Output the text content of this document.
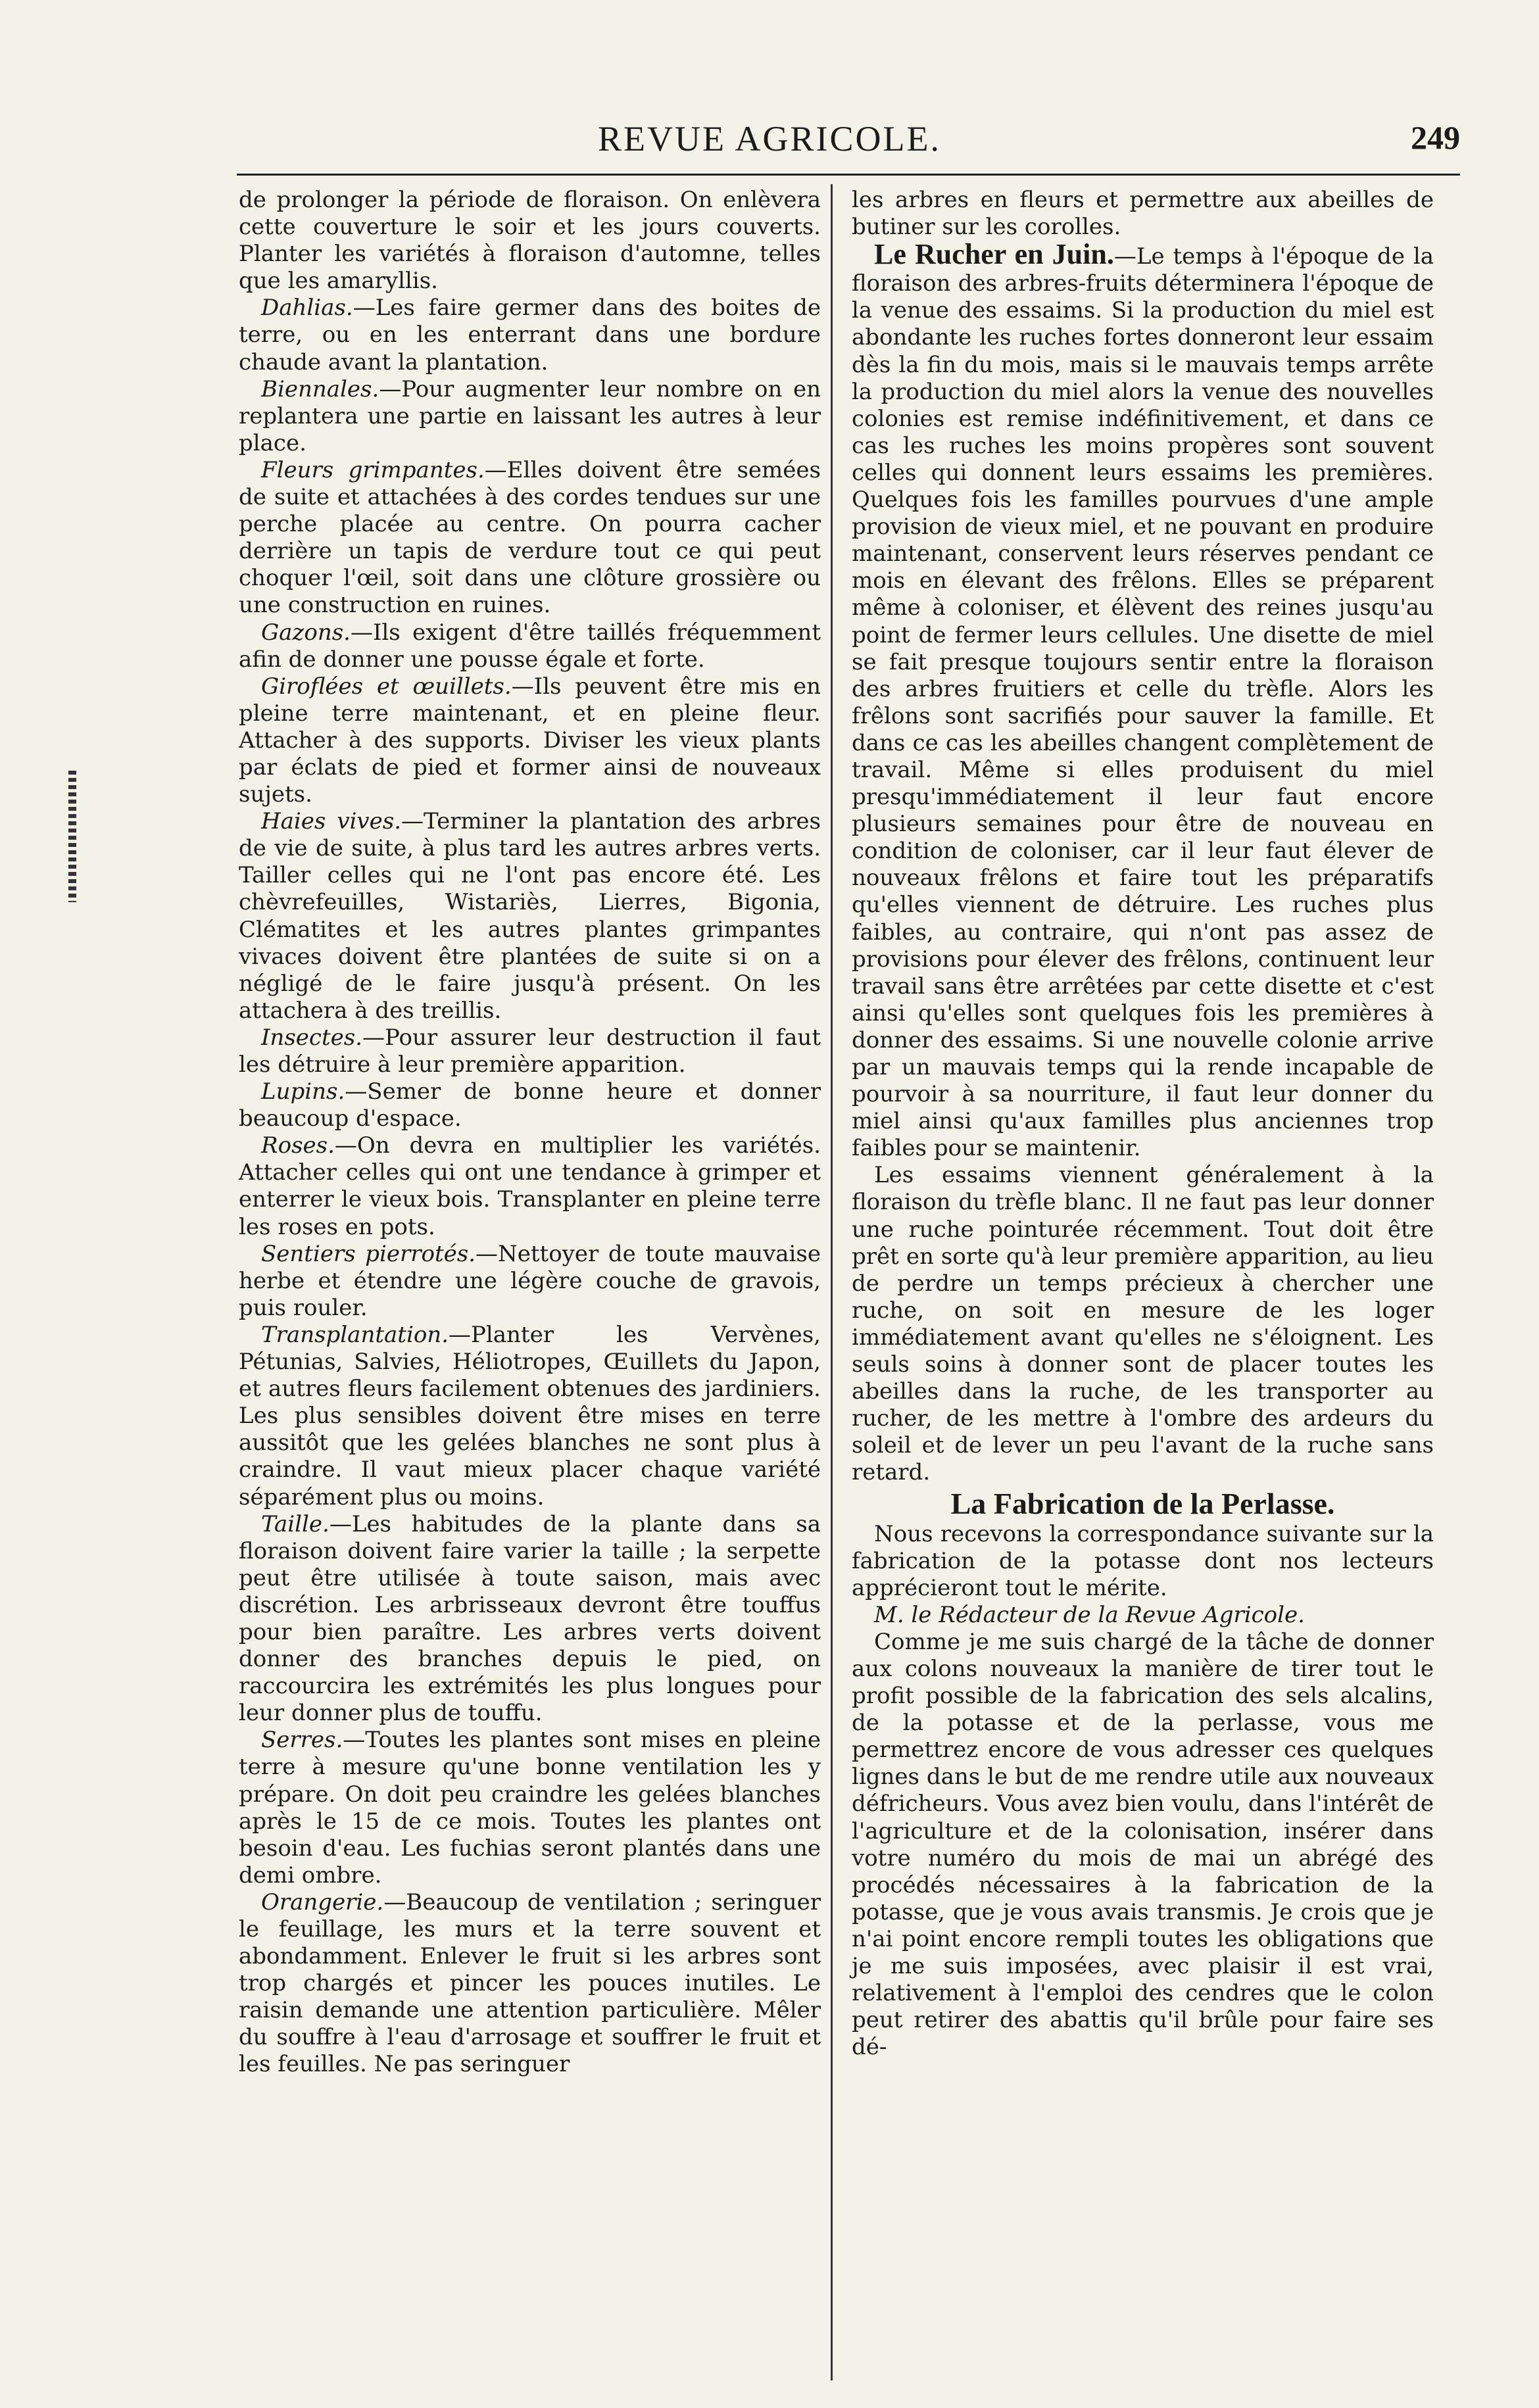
REVUE AGRICOLE.	249

de prolonger la période de floraison. On enlèvera cette couverture le soir et les jours couverts. Planter les variétés à floraison d'automne, telles que les amaryllis.

Dahlias.—Les faire germer dans des boites de terre, ou en les enterrant dans une bordure chaude avant la plantation.

Biennales.—Pour augmenter leur nombre on en replantera une partie en laissant les autres à leur place.

Fleurs grimpantes.—Elles doivent être semées de suite et attachées à des cordes tendues sur une perche placée au centre. On pourra cacher derrière un tapis de verdure tout ce qui peut choquer l'œil, soit dans une clôture grossière ou une construction en ruines.

Gazons.—Ils exigent d'être taillés fréquemment afin de donner une pousse égale et forte.

Giroflées et œuillets.—Ils peuvent être mis en pleine terre maintenant, et en pleine fleur. Attacher à des supports. Diviser les vieux plants par éclats de pied et former ainsi de nouveaux sujets.

Haies vives.—Terminer la plantation des arbres de vie de suite, à plus tard les autres arbres verts. Tailler celles qui ne l'ont pas encore été. Les chèvrefeuilles, Wistariès, Lierres, Bigonia, Clématites et les autres plantes grimpantes vivaces doivent être plantées de suite si on a négligé de le faire jusqu'à présent. On les attachera à des treillis.

Insectes.—Pour assurer leur destruction il faut les détruire à leur première apparition.

Lupins.—Semer de bonne heure et donner beaucoup d'espace.

Roses.—On devra en multiplier les variétés. Attacher celles qui ont une tendance à grimper et enterrer le vieux bois. Transplanter en pleine terre les roses en pots.

Sentiers pierrotés.—Nettoyer de toute mauvaise herbe et étendre une légère couche de gravois, puis rouler.

Transplantation.—Planter les Vervènes, Pétunias, Salvies, Héliotropes, Œuillets du Japon, et autres fleurs facilement obtenues des jardiniers. Les plus sensibles doivent être mises en terre aussitôt que les gelées blanches ne sont plus à craindre. Il vaut mieux placer chaque variété séparément plus ou moins.

Taille.—Les habitudes de la plante dans sa floraison doivent faire varier la taille ; la serpette peut être utilisée à toute saison, mais avec discrétion. Les arbrisseaux devront être touffus pour bien paraître. Les arbres verts doivent donner des branches depuis le pied, on raccourcira les extrémités les plus longues pour leur donner plus de touffu.

Serres.—Toutes les plantes sont mises en pleine terre à mesure qu'une bonne ventilation les y prépare. On doit peu craindre les gelées blanches après le 15 de ce mois. Toutes les plantes ont besoin d'eau. Les fuchias seront plantés dans une demi ombre.

Orangerie.—Beaucoup de ventilation ; seringuer le feuillage, les murs et la terre souvent et abondamment. Enlever le fruit si les arbres sont trop chargés et pincer les pouces inutiles. Le raisin demande une attention particulière. Mêler du souffre à l'eau d'arrosage et souffrer le fruit et les feuilles. Ne pas seringuer

les arbres en fleurs et permettre aux abeilles de butiner sur les corolles.

Le Rucher en Juin.—Le temps à l'époque de la floraison des arbres-fruits déterminera l'époque de la venue des essaims. Si la production du miel est abondante les ruches fortes donneront leur essaim dès la fin du mois, mais si le mauvais temps arrête la production du miel alors la venue des nouvelles colonies est remise indéfinitivement, et dans ce cas les ruches les moins propères sont souvent celles qui donnent leurs essaims les premières. Quelques fois les familles pourvues d'une ample provision de vieux miel, et ne pouvant en produire maintenant, conservent leurs réserves pendant ce mois en élevant des frêlons. Elles se préparent même à coloniser, et élèvent des reines jusqu'au point de fermer leurs cellules. Une disette de miel se fait presque toujours sentir entre la floraison des arbres fruitiers et celle du trèfle. Alors les frêlons sont sacrifiés pour sauver la famille. Et dans ce cas les abeilles changent complètement de travail. Même si elles produisent du miel presqu'immédiatement il leur faut encore plusieurs semaines pour être de nouveau en condition de coloniser, car il leur faut élever de nouveaux frêlons et faire tout les préparatifs qu'elles viennent de détruire. Les ruches plus faibles, au contraire, qui n'ont pas assez de provisions pour élever des frêlons, continuent leur travail sans être arrêtées par cette disette et c'est ainsi qu'elles sont quelques fois les premières à donner des essaims. Si une nouvelle colonie arrive par un mauvais temps qui la rende incapable de pourvoir à sa nourriture, il faut leur donner du miel ainsi qu'aux familles plus anciennes trop faibles pour se maintenir.

Les essaims viennent généralement à la floraison du trèfle blanc. Il ne faut pas leur donner une ruche pointurée récemment. Tout doit être prêt en sorte qu'à leur première apparition, au lieu de perdre un temps précieux à chercher une ruche, on soit en mesure de les loger immédiatement avant qu'elles ne s'éloignent. Les seuls soins à donner sont de placer toutes les abeilles dans la ruche, de les transporter au rucher, de les mettre à l'ombre des ardeurs du soleil et de lever un peu l'avant de la ruche sans retard.

La Fabrication de la Perlasse.

Nous recevons la correspondance suivante sur la fabrication de la potasse dont nos lecteurs apprécieront tout le mérite.

M. le Rédacteur de la Revue Agricole.

Comme je me suis chargé de la tâche de donner aux colons nouveaux la manière de tirer tout le profit possible de la fabrication des sels alcalins, de la potasse et de la perlasse, vous me permettrez encore de vous adresser ces quelques lignes dans le but de me rendre utile aux nouveaux défricheurs. Vous avez bien voulu, dans l'intérêt de l'agriculture et de la colonisation, insérer dans votre numéro du mois de mai un abrégé des procédés nécessaires à la fabrication de la potasse, que je vous avais transmis. Je crois que je n'ai point encore rempli toutes les obligations que je me suis imposées, avec plaisir il est vrai, relativement à l'emploi des cendres que le colon peut retirer des abattis qu'il brûle pour faire ses dé-
